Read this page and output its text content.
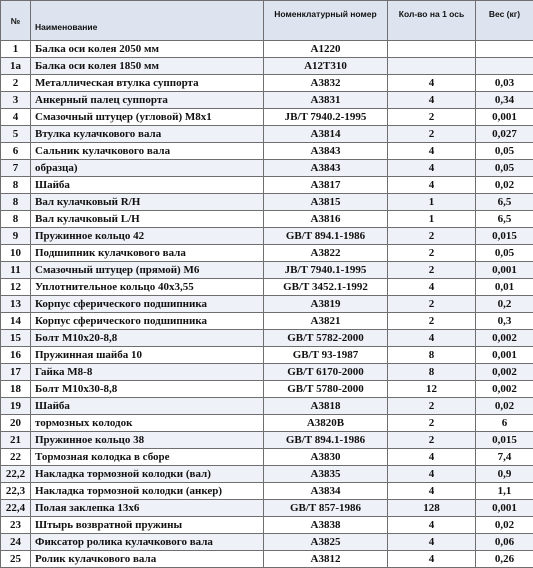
№	Наименование	Номенклатурный номер	Кол-во на 1 ось	Вес (кг)
1	Балка оси колея 2050 мм	A1220		
1a	Балка оси колея 1850 мм	A12T310		
2	Металлическая втулка суппорта	A3832	4	0,03
3	Анкерный палец суппорта	A3831	4	0,34
4	Смазочный штуцер (угловой) M8x1	JB/T 7940.2-1995	2	0,001
5	Втулка кулачкового вала	A3814	2	0,027
6	Сальник кулачкового вала	A3843	4	0,05
7	образца)	A3843	4	0,05
8	Шайба	A3817	4	0,02
8	Вал кулачковый R/H	A3815	1	6,5
8	Вал кулачковый L/H	A3816	1	6,5
9	Пружинное кольцо 42	GB/T 894.1-1986	2	0,015
10	Подшипник кулачкового вала	A3822	2	0,05
11	Смазочный штуцер (прямой) M6	JB/T 7940.1-1995	2	0,001
12	Уплотнительное кольцо 40x3,55	GB/T 3452.1-1992	4	0,01
13	Корпус сферического подшипника	A3819	2	0,2
14	Корпус сферического подшипника	A3821	2	0,3
15	Болт M10x20-8,8	GB/T 5782-2000	4	0,002
16	Пружинная шайба 10	GB/T 93-1987	8	0,001
17	Гайка M8-8	GB/T 6170-2000	8	0,002
18	Болт M10x30-8,8	GB/T 5780-2000	12	0,002
19	Шайба	A3818	2	0,02
20	тормозных колодок	A3820B	2	6
21	Пружинное кольцо 38	GB/T 894.1-1986	2	0,015
22	Тормозная колодка в сборе	A3830	4	7,4
22,2	Накладка тормозной колодки (вал)	A3835	4	0,9
22,3	Накладка тормозной колодки (анкер)	A3834	4	1,1
22,4	Полая заклепка 13x6	GB/T 857-1986	128	0,001
23	Штырь возвратной пружины	A3838	4	0,02
24	Фиксатор ролика кулачкового вала	A3825	4	0,06
25	Ролик кулачкового вала	A3812	4	0,26
